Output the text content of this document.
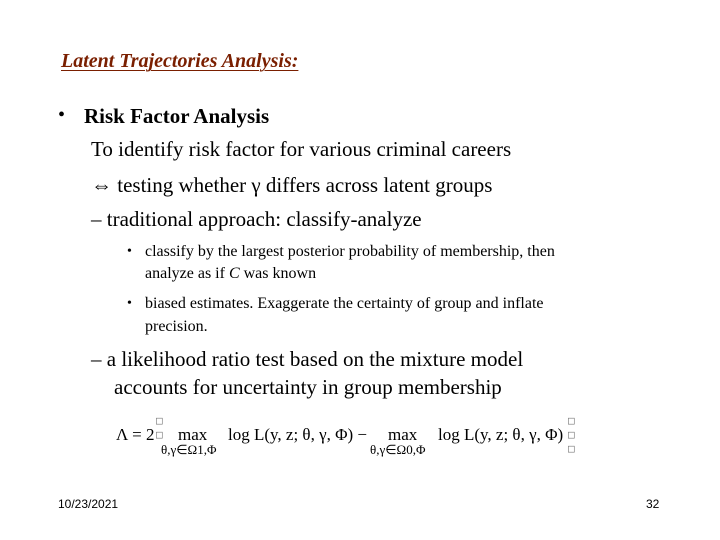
Latent Trajectories Analysis:
• Risk Factor Analysis
To identify risk factor for various criminal careers
⇔ testing whether γ differs across latent groups
– traditional approach: classify-analyze
• classify by the largest posterior probability of membership, then
analyze as if C was known
• biased estimates. Exaggerate the certainty of group and inflate
precision.
– a likelihood ratio test based on the mixture model
accounts for uncertainty in group membership
Λ = 2
□
□ max
θ,γ∈Ω1,Φ
log L(y, z; θ, γ, Φ) − max
θ,γ∈Ω0,Φ
log L(y, z; θ, γ, Φ)
□
□
□
10/23/2021	32
